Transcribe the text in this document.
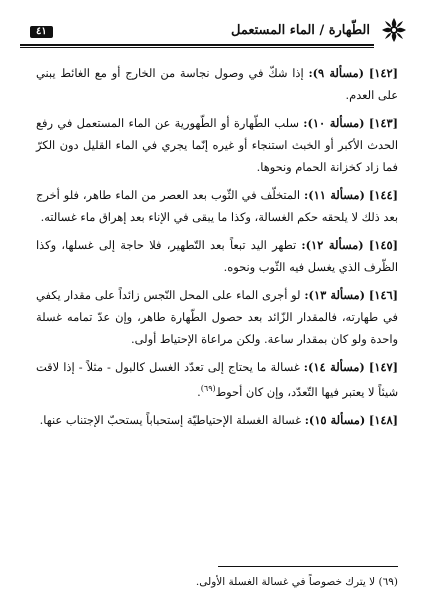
الطّهارة / الماء المستعمل
٤١

[١٤٢] (مسألة ٩): إذا شكّ في وصول نجاسة من الخارج أو مع الغائط يبني على العدم.

[١٤٣] (مسألة ١٠): سلب الطّهارة أو الطّهورية عن الماء المستعمل في رفع الحدث الأكبر أو الخبث استنجاء أو غيره إنّما يجري في الماء القليل دون الكرّ فما زاد كخزانة الحمام ونحوها.

[١٤٤] (مسألة ١١): المتخلّف في الثّوب بعد العصر من الماء طاهر، فلو أخرج بعد ذلك لا يلحقه حكم الغسالة، وكذا ما يبقى في الإناء بعد إهراق ماء غسالته.

[١٤٥] (مسألة ١٢): تطهر اليد تبعاً بعد التّطهير، فلا حاجة إلى غسلها، وكذا الظّرف الذي يغسل فيه الثّوب ونحوه.

[١٤٦] (مسألة ١٣): لو أجرى الماء على المحل النّجس زائداً على مقدار يكفي في طهارته، فالمقدار الزّائد بعد حصول الطّهارة طاهر، وإن عدّ تمامه غسلة واحدة ولو كان بمقدار ساعة. ولكن مراعاة الإحتياط أولى.

[١٤٧] (مسألة ١٤): غسالة ما يحتاج إلى تعدّد الغسل كالبول - مثلاً - إذا لاقت شيئاً لا يعتبر فيها التّعدّد، وإن كان أحوط$^{(٦٩)}$.

[١٤٨] (مسألة ١٥): غسالة الغسلة الإحتياطيّة إستحباباً يستحبّ الإجتناب عنها.

(٦٩) لا يترك خصوصاً في غسالة الغسلة الأولى.
